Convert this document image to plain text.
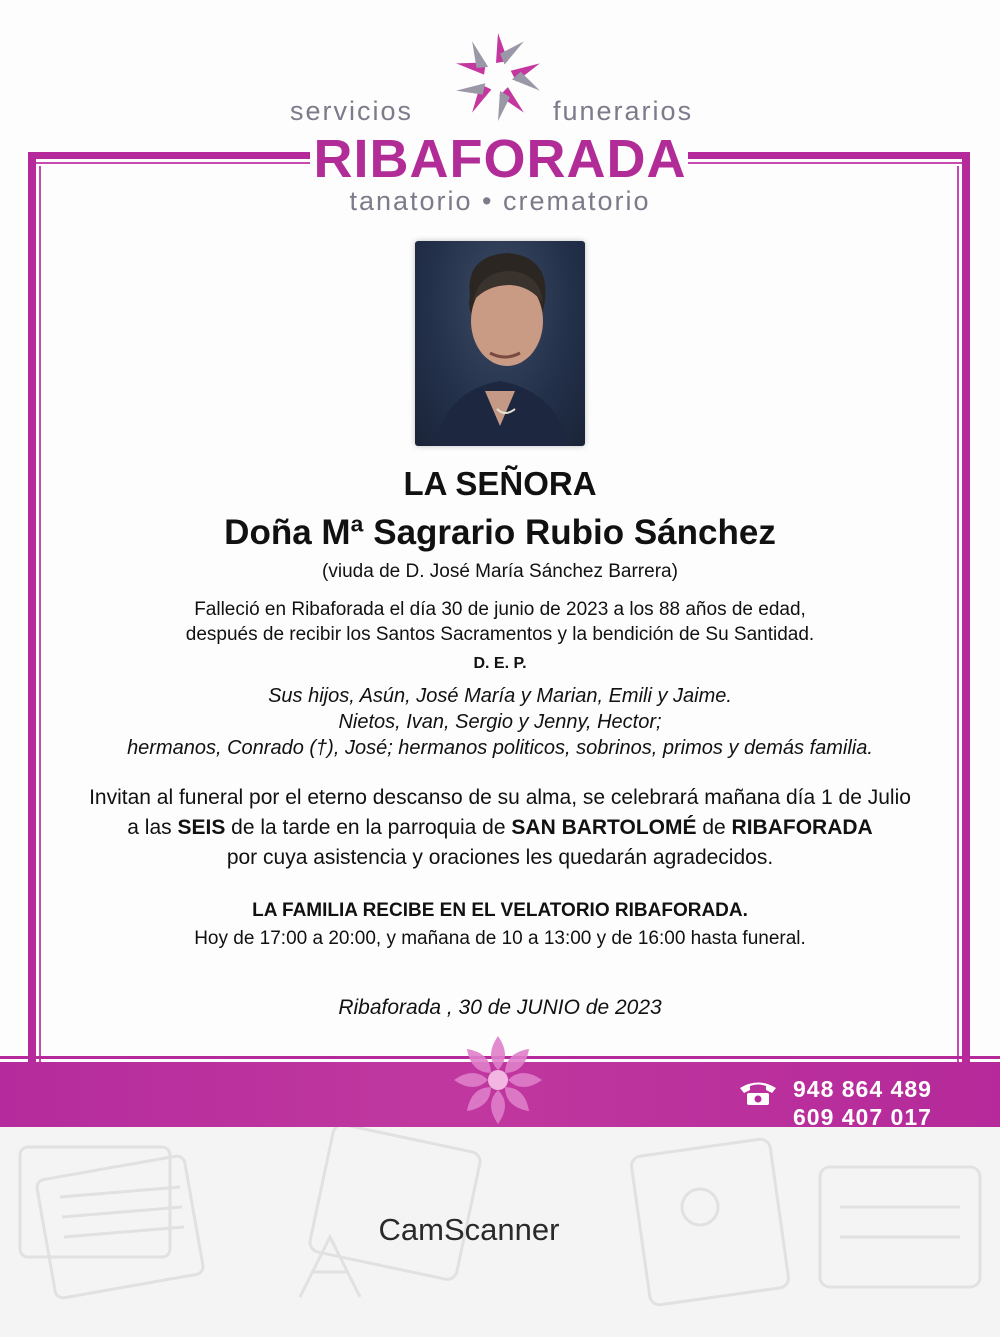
servicios	funerarios
RIBAFORADA
tanatorio • crematorio
LA SEÑORA
Doña Mª Sagrario Rubio Sánchez
(viuda de D. José María Sánchez Barrera)
Falleció en Ribaforada el día 30 de junio de 2023 a los 88 años de edad,
después de recibir los Santos Sacramentos y la bendición de Su Santidad.
D. E. P.
Sus hijos, Asún, José María y Marian, Emili y Jaime.
Nietos, Ivan, Sergio y Jenny, Hector;
hermanos, Conrado (†), José; hermanos politicos, sobrinos, primos y demás familia.
Invitan al funeral por el eterno descanso de su alma, se celebrará mañana día 1 de Julio
a las SEIS de la tarde en la parroquia de SAN BARTOLOMÉ de RIBAFORADA
por cuya asistencia y oraciones les quedarán agradecidos.
LA FAMILIA RECIBE EN EL VELATORIO RIBAFORADA.
Hoy de 17:00 a 20:00, y mañana de 10 a 13:00 y de 16:00 hasta funeral.
Ribaforada , 30 de JUNIO de 2023
948 864 489
609 407 017
CamScanner
